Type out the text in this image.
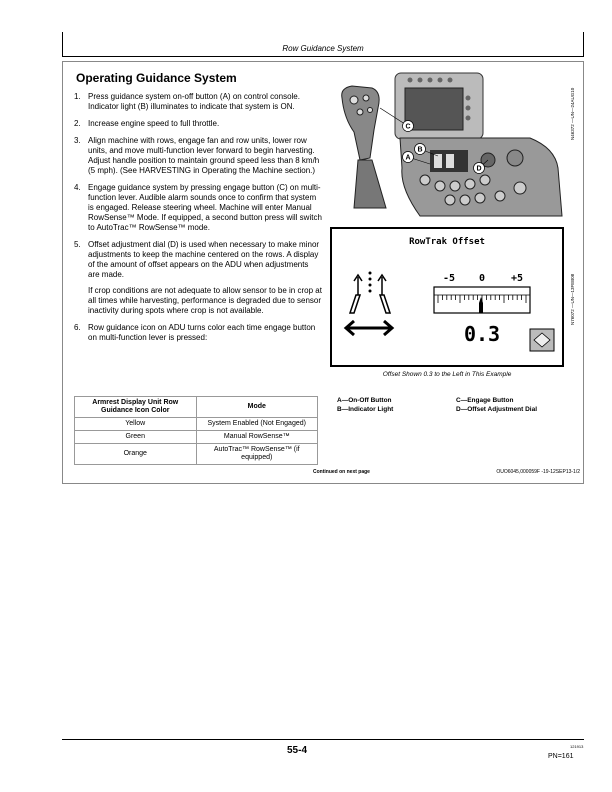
Row Guidance System
Operating Guidance System
1. Press guidance system on-off button (A) on control console. Indicator light (B) illuminates to indicate that system is ON.
2. Increase engine speed to full throttle.
3. Align machine with rows, engage fan and row units, lower row units, and move multi-function lever forward to begin harvesting. Adjust handle position to maintain ground speed less than 8 km/h (5 mph). (See HARVESTING in Operating the Machine section.)
4. Engage guidance system by pressing engage button (C) on multi-function lever. Audible alarm sounds once to confirm that system is engaged. Release steering wheel. Machine will enter Manual RowSense™ Mode. If equipped, a second button press will switch to AutoTrac™ RowSense™ mode.
5. Offset adjustment dial (D) is used when necessary to make minor adjustments to keep the machine centered on the rows. A display of the amount of offset appears on the ADU when adjustments are made.
If crop conditions are not adequate to allow sensor to be in crop at all times while harvesting, performance is degraded due to sensor inactivity during spots where crop is not available.
6. Row guidance icon on ADU turns color each time engage button on multi-function lever is pressed:
Armrest Display Unit Row Guidance Icon Color	Mode
Yellow	System Enabled (Not Engaged)
Green	Manual RowSense™
Orange	AutoTrac™ RowSense™ (if equipped)
C
B
A
D
N46372 —UN—24AUG10
RowTrak Offset
-5 0	+5
0.3
N76072 —UN—13FEB08
Offset Shown 0.3 to the Left in This Example
A—On-Off Button
B—Indicator Light
C—Engage Button
D—Offset Adjustment Dial
Continued on next page	OUO6045,000059F -19-12SEP13-1/2
55-4	121913
PN=161
